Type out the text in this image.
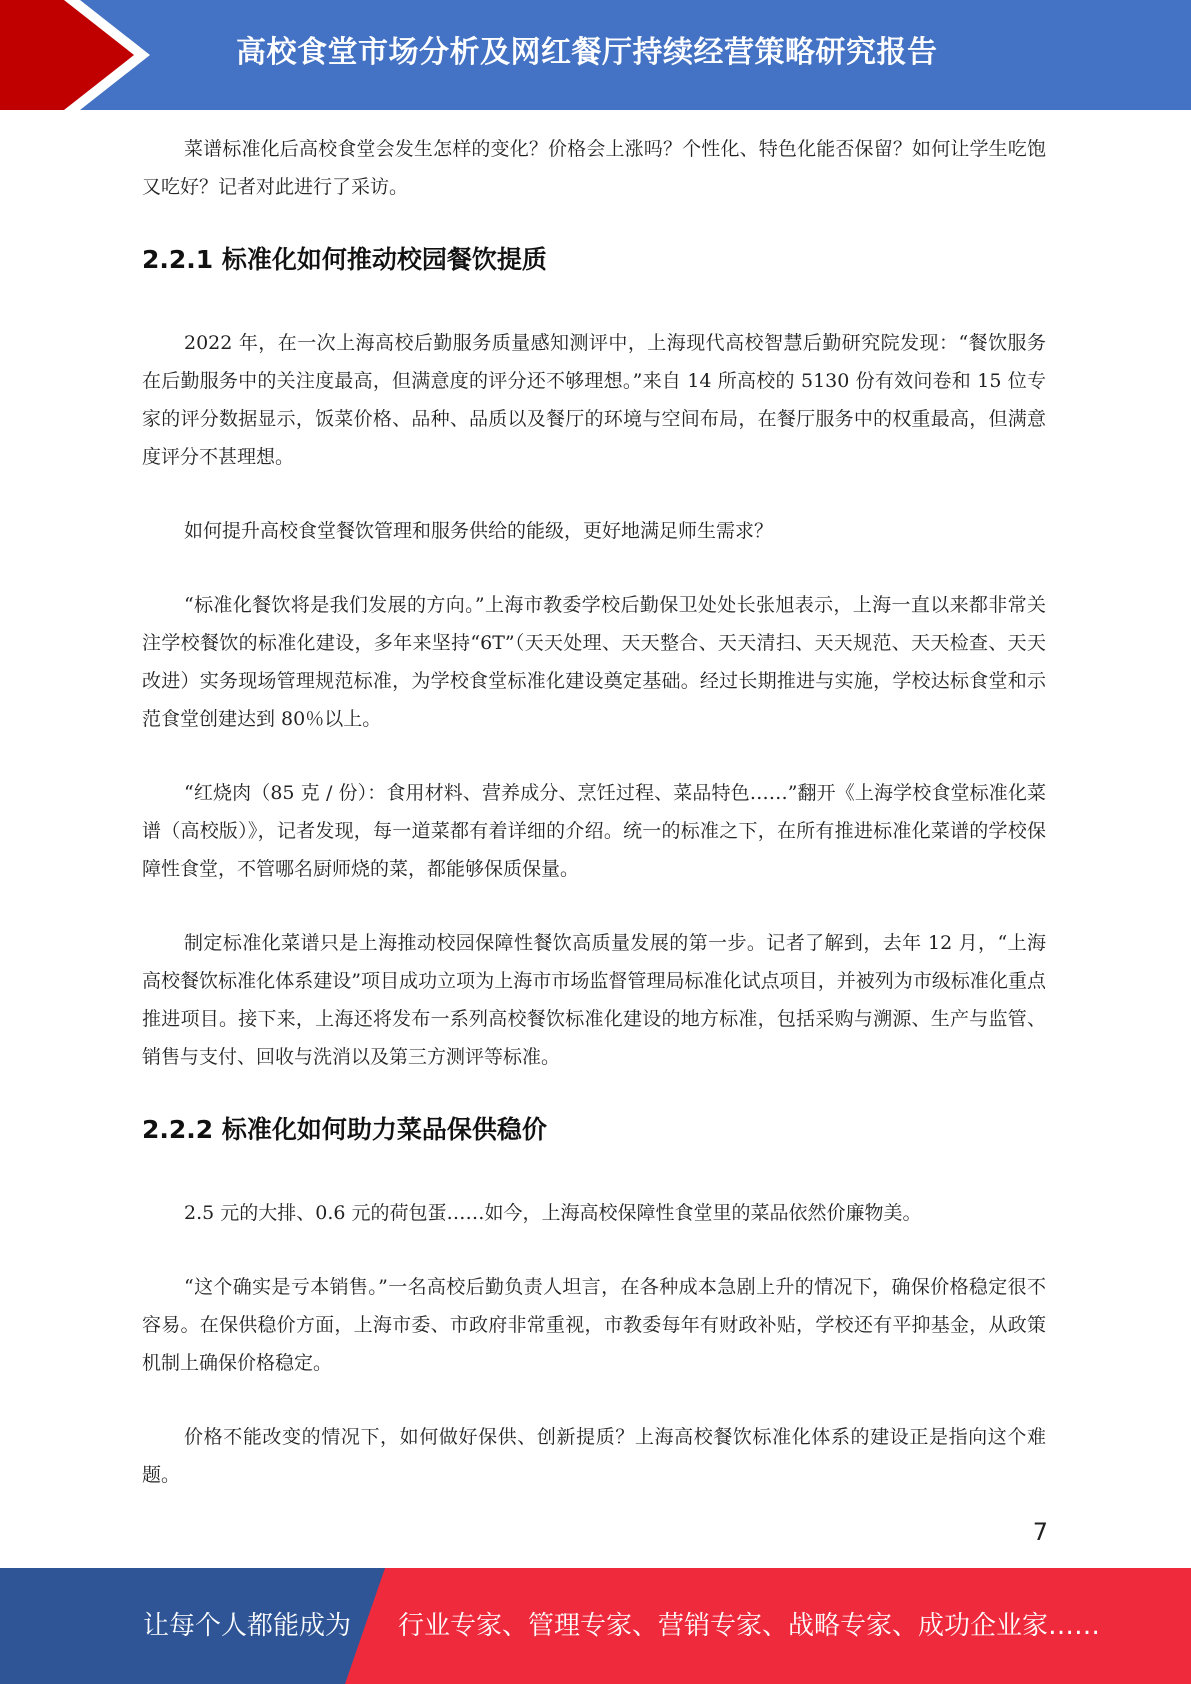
高校食堂市场分析及网红餐厅持续经营策略研究报告

菜谱标准化后高校食堂会发生怎样的变化？价格会上涨吗？个性化、特色化能否保留？如何让学生吃饱又吃好？记者对此进行了采访。

2.2.1 标准化如何推动校园餐饮提质

2022 年，在一次上海高校后勤服务质量感知测评中，上海现代高校智慧后勤研究院发现：“餐饮服务在后勤服务中的关注度最高，但满意度的评分还不够理想。”来自 14 所高校的 5130 份有效问卷和 15 位专家的评分数据显示，饭菜价格、品种、品质以及餐厅的环境与空间布局，在餐厅服务中的权重最高，但满意度评分不甚理想。

如何提升高校食堂餐饮管理和服务供给的能级，更好地满足师生需求？

“标准化餐饮将是我们发展的方向。”上海市教委学校后勤保卫处处长张旭表示，上海一直以来都非常关注学校餐饮的标准化建设，多年来坚持“6T”（天天处理、天天整合、天天清扫、天天规范、天天检查、天天改进）实务现场管理规范标准，为学校食堂标准化建设奠定基础。经过长期推进与实施，学校达标食堂和示范食堂创建达到 80％以上。

“红烧肉（85 克 / 份）：食用材料、营养成分、烹饪过程、菜品特色……”翻开《上海学校食堂标准化菜谱（高校版）》，记者发现，每一道菜都有着详细的介绍。统一的标准之下，在所有推进标准化菜谱的学校保障性食堂，不管哪名厨师烧的菜，都能够保质保量。

制定标准化菜谱只是上海推动校园保障性餐饮高质量发展的第一步。记者了解到，去年 12 月，“上海高校餐饮标准化体系建设”项目成功立项为上海市市场监督管理局标准化试点项目，并被列为市级标准化重点推进项目。接下来，上海还将发布一系列高校餐饮标准化建设的地方标准，包括采购与溯源、生产与监管、销售与支付、回收与洗消以及第三方测评等标准。

2.2.2 标准化如何助力菜品保供稳价

2.5 元的大排、0.6 元的荷包蛋……如今，上海高校保障性食堂里的菜品依然价廉物美。

“这个确实是亏本销售。”一名高校后勤负责人坦言，在各种成本急剧上升的情况下，确保价格稳定很不容易。在保供稳价方面，上海市委、市政府非常重视，市教委每年有财政补贴，学校还有平抑基金，从政策机制上确保价格稳定。

价格不能改变的情况下，如何做好保供、创新提质？上海高校餐饮标准化体系的建设正是指向这个难题。

7
让每个人都能成为 行业专家、管理专家、营销专家、战略专家、成功企业家……
